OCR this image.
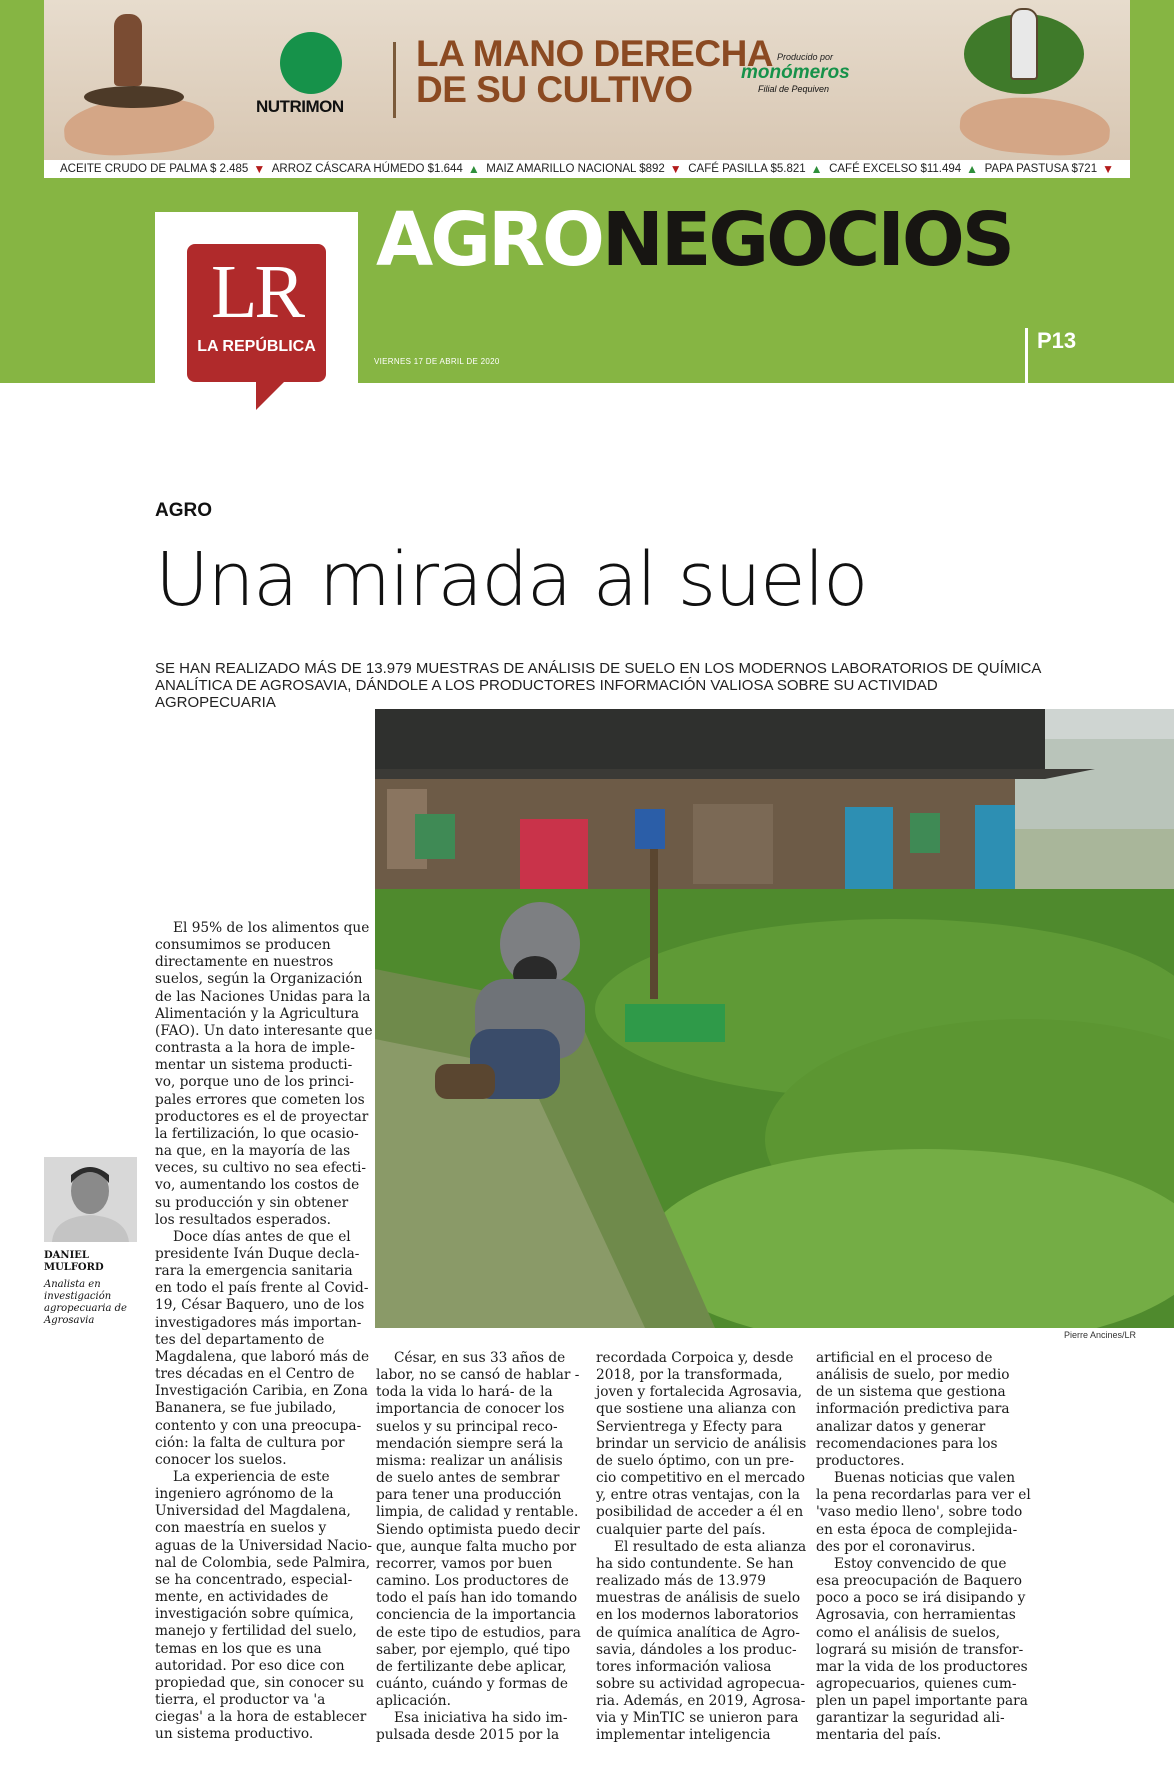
NUTRIMON
LA MANO DERECHA
DE SU CULTIVO
Producido por
monómeros
Filial de Pequiven
ACEITE CRUDO DE PALMA $ 2.485 ▼ ARROZ CÁSCARA HÚMEDO $1.644 ▲ MAIZ AMARILLO NACIONAL $892 ▼ CAFÉ PASILLA $5.821 ▲ CAFÉ EXCELSO $11.494 ▲ PAPA PASTUSA $721 ▼
LR
LA REPÚBLICA
AGRONEGOCIOS
VIERNES 17 DE ABRIL DE 2020
P13
AGRO
Una mirada al suelo
SE HAN REALIZADO MÁS DE 13.979 MUESTRAS DE ANÁLISIS DE SUELO EN LOS MODERNOS LABORATORIOS DE QUÍMICA ANALÍTICA DE AGROSAVIA, DÁNDOLE A LOS PRODUCTORES INFORMACIÓN VALIOSA SOBRE SU ACTIVIDAD AGROPECUARIA
Pierre Ancines/LR
DANIEL MULFORD
Analista en investigación agropecuaria de Agrosavia

El 95% de los alimentos que

consumimos se producen

directamente en nuestros

suelos, según la Organización

de las Naciones Unidas para la

Alimentación y la Agricultura

(FAO). Un dato interesante que

contrasta a la hora de imple-

mentar un sistema producti-

vo, porque uno de los princi-

pales errores que cometen los

productores es el de proyectar

la fertilización, lo que ocasio-

na que, en la mayoría de las

veces, su cultivo no sea efecti-

vo, aumentando los costos de

su producción y sin obtener

los resultados esperados.

Doce días antes de que el

presidente Iván Duque decla-

rara la emergencia sanitaria

en todo el país frente al Covid-

19, César Baquero, uno de los

investigadores más importan-

tes del departamento de

Magdalena, que laboró más de

tres décadas en el Centro de

Investigación Caribia, en Zona

Bananera, se fue jubilado,

contento y con una preocupa-

ción: la falta de cultura por

conocer los suelos.

La experiencia de este

ingeniero agrónomo de la

Universidad del Magdalena,

con maestría en suelos y

aguas de la Universidad Nacio-

nal de Colombia, sede Palmira,

se ha concentrado, especial-

mente, en actividades de

investigación sobre química,

manejo y fertilidad del suelo,

temas en los que es una

autoridad. Por eso dice con

propiedad que, sin conocer su

tierra, el productor va 'a

ciegas' a la hora de establecer

un sistema productivo.

César, en sus 33 años de

labor, no se cansó de hablar -

toda la vida lo hará- de la

importancia de conocer los

suelos y su principal reco-

mendación siempre será la

misma: realizar un análisis

de suelo antes de sembrar

para tener una producción

limpia, de calidad y rentable.

Siendo optimista puedo decir

que, aunque falta mucho por

recorrer, vamos por buen

camino. Los productores de

todo el país han ido tomando

conciencia de la importancia

de este tipo de estudios, para

saber, por ejemplo, qué tipo

de fertilizante debe aplicar,

cuánto, cuándo y formas de

aplicación.

Esa iniciativa ha sido im-

pulsada desde 2015 por la

recordada Corpoica y, desde

2018, por la transformada,

joven y fortalecida Agrosavia,

que sostiene una alianza con

Servientrega y Efecty para

brindar un servicio de análisis

de suelo óptimo, con un pre-

cio competitivo en el mercado

y, entre otras ventajas, con la

posibilidad de acceder a él en

cualquier parte del país.

El resultado de esta alianza

ha sido contundente. Se han

realizado más de 13.979

muestras de análisis de suelo

en los modernos laboratorios

de química analítica de Agro-

savia, dándoles a los produc-

tores información valiosa

sobre su actividad agropecua-

ria. Además, en 2019, Agrosa-

via y MinTIC se unieron para

implementar inteligencia

artificial en el proceso de

análisis de suelo, por medio

de un sistema que gestiona

información predictiva para

analizar datos y generar

recomendaciones para los

productores.

Buenas noticias que valen

la pena recordarlas para ver el

'vaso medio lleno', sobre todo

en esta época de complejida-

des por el coronavirus.

Estoy convencido de que

esa preocupación de Baquero

poco a poco se irá disipando y

Agrosavia, con herramientas

como el análisis de suelos,

logrará su misión de transfor-

mar la vida de los productores

agropecuarios, quienes cum-

plen un papel importante para

garantizar la seguridad ali-

mentaria del país.
